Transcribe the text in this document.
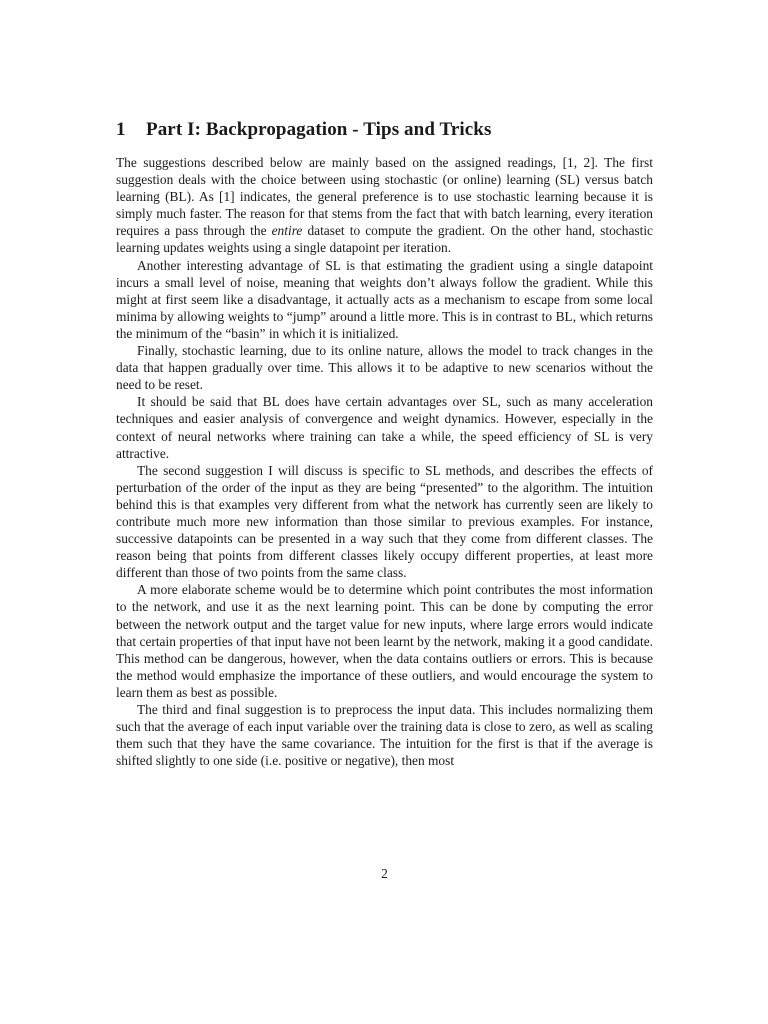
1 Part I: Backpropagation - Tips and Tricks

The suggestions described below are mainly based on the assigned readings, [1, 2]. The first suggestion deals with the choice between using stochastic (or online) learning (SL) versus batch learning (BL). As [1] indicates, the general preference is to use stochastic learning because it is simply much faster. The reason for that stems from the fact that with batch learning, every iteration requires a pass through the entire dataset to compute the gradient. On the other hand, stochastic learning updates weights using a single datapoint per iteration.

Another interesting advantage of SL is that estimating the gradient using a single datapoint incurs a small level of noise, meaning that weights don’t always follow the gradient. While this might at first seem like a disadvantage, it actually acts as a mechanism to escape from some local minima by allowing weights to “jump” around a little more. This is in contrast to BL, which returns the minimum of the “basin” in which it is initialized.

Finally, stochastic learning, due to its online nature, allows the model to track changes in the data that happen gradually over time. This allows it to be adaptive to new scenarios without the need to be reset.

It should be said that BL does have certain advantages over SL, such as many acceleration techniques and easier analysis of convergence and weight dynamics. However, especially in the context of neural networks where training can take a while, the speed efficiency of SL is very attractive.

The second suggestion I will discuss is specific to SL methods, and describes the effects of perturbation of the order of the input as they are being “presented” to the algorithm. The intuition behind this is that examples very different from what the network has currently seen are likely to contribute much more new information than those similar to previous examples. For instance, successive datapoints can be presented in a way such that they come from different classes. The reason being that points from different classes likely occupy different properties, at least more different than those of two points from the same class.

A more elaborate scheme would be to determine which point contributes the most information to the network, and use it as the next learning point. This can be done by computing the error between the network output and the target value for new inputs, where large errors would indicate that certain properties of that input have not been learnt by the network, making it a good candidate. This method can be dangerous, however, when the data contains outliers or errors. This is because the method would emphasize the importance of these outliers, and would encourage the system to learn them as best as possible.

The third and final suggestion is to preprocess the input data. This includes normalizing them such that the average of each input variable over the training data is close to zero, as well as scaling them such that they have the same covariance. The intuition for the first is that if the average is shifted slightly to one side (i.e. positive or negative), then most

2
